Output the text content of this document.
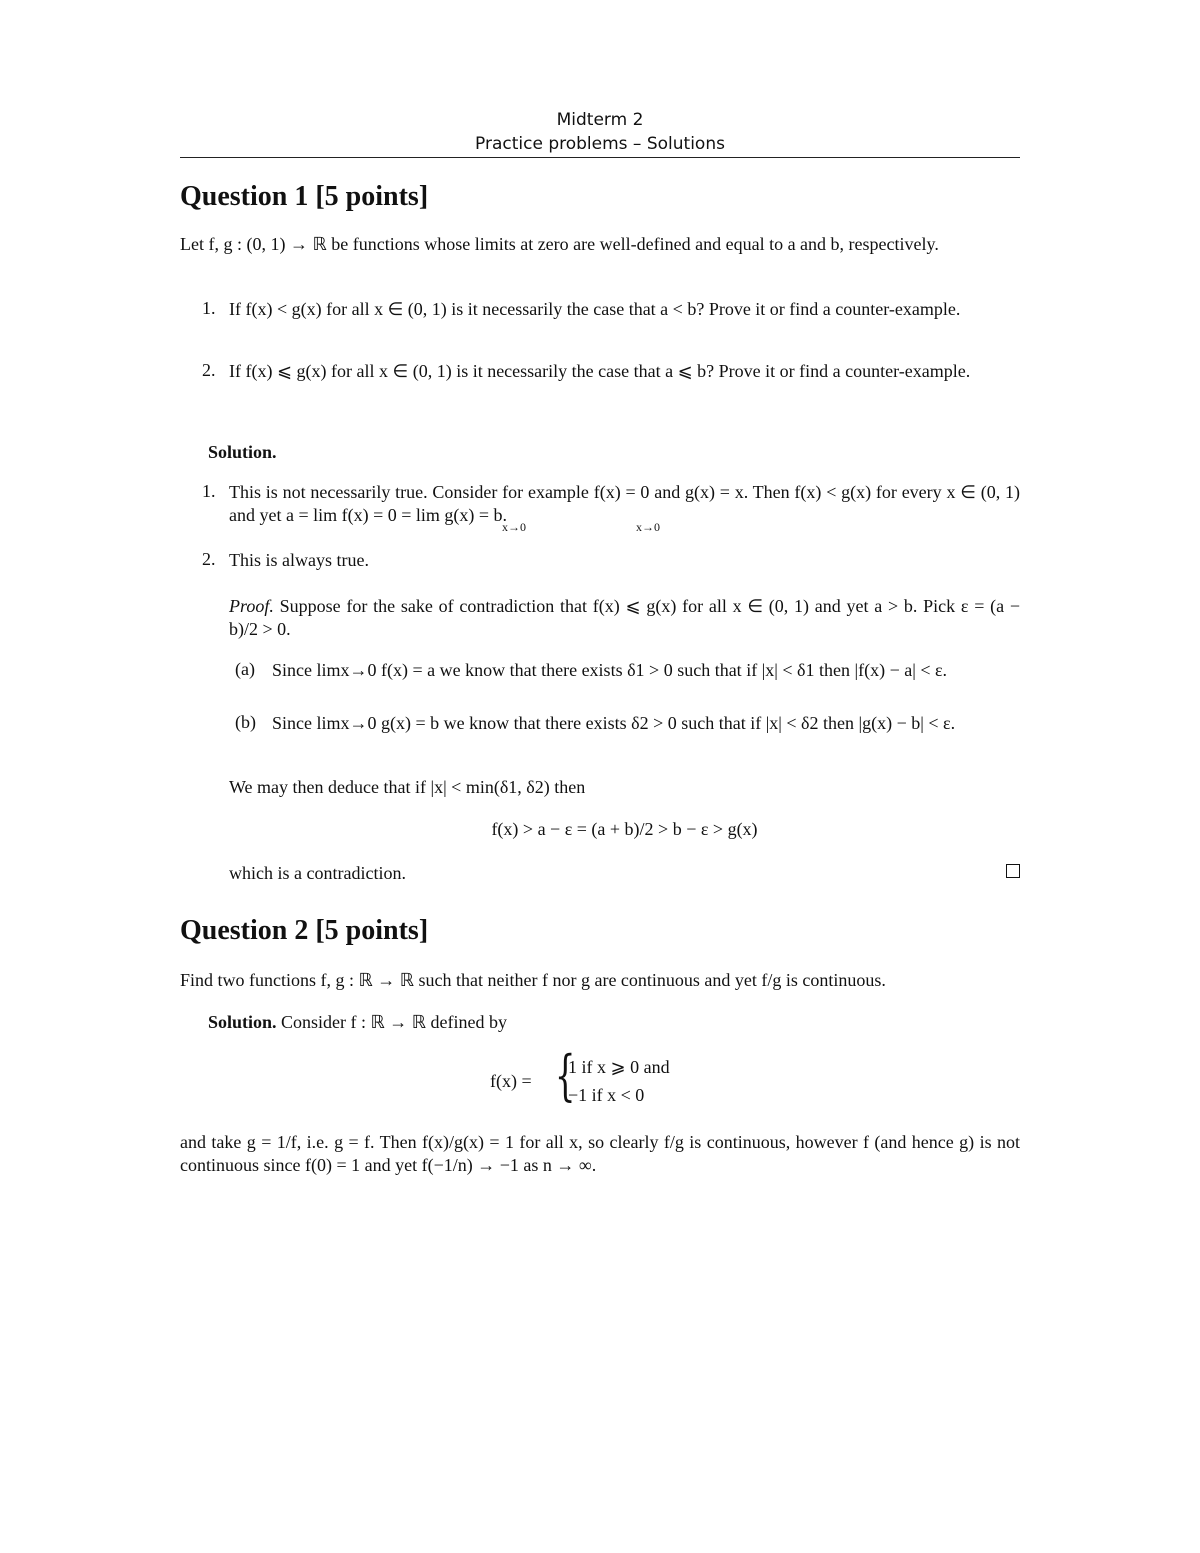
Midterm 2
Practice problems – Solutions
Question 1 [5 points]
Let f, g : (0, 1) → ℝ be functions whose limits at zero are well-defined and equal to a and b, respectively.
1. If f(x) < g(x) for all x ∈ (0, 1) is it necessarily the case that a < b? Prove it or find a counter-example.
2. If f(x) ⩽ g(x) for all x ∈ (0, 1) is it necessarily the case that a ⩽ b? Prove it or find a counter-example.
Solution.
1. This is not necessarily true. Consider for example f(x) = 0 and g(x) = x. Then f(x) < g(x) for every x ∈ (0, 1) and yet a = lim f(x) = 0 = lim g(x) = b.
x→0	x→0
2. This is always true.
Proof. Suppose for the sake of contradiction that f(x) ⩽ g(x) for all x ∈ (0, 1) and yet a > b. Pick ε = (a − b)/2 > 0.
(a) Since limx→0 f(x) = a we know that there exists δ1 > 0 such that if |x| < δ1 then |f(x) − a| < ε.
(b) Since limx→0 g(x) = b we know that there exists δ2 > 0 such that if |x| < δ2 then |g(x) − b| < ε.
We may then deduce that if |x| < min(δ1, δ2) then
f(x) > a − ε = (a + b)/2 > b − ε > g(x)
which is a contradiction.
Question 2 [5 points]
Find two functions f, g : ℝ → ℝ such that neither f nor g are continuous and yet f/g is continuous.
Solution. Consider f : ℝ → ℝ defined by
f(x) = {
1 if x ⩾ 0 and
−1 if x < 0
and take g = 1/f, i.e. g = f. Then f(x)/g(x) = 1 for all x, so clearly f/g is continuous, however f (and hence g) is not continuous since f(0) = 1 and yet f(−1/n) → −1 as n → ∞.
